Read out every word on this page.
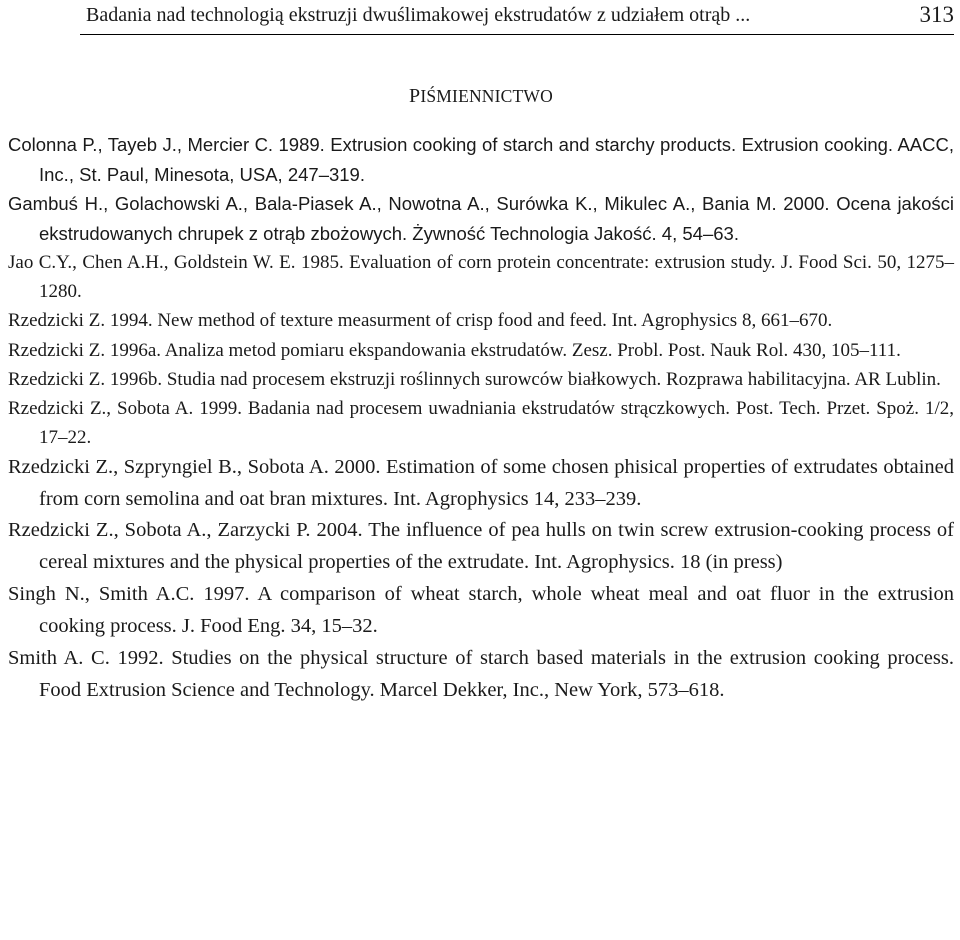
Badania nad technologią ekstruzji dwuślimakowej ekstrudatów z udziałem otrąb ...	313
PIŚMIENNICTWO
Colonna P., Tayeb J., Mercier C. 1989. Extrusion cooking of starch and starchy products. Extrusion cooking. AACC, Inc., St. Paul, Minesota, USA, 247–319.
Gambuś H., Golachowski A., Bala-Piasek A., Nowotna A., Surówka K., Mikulec A., Bania M. 2000. Ocena jakości ekstrudowanych chrupek z otrąb zbożowych. Żywność Technologia Jakość. 4, 54–63.
Jao C.Y., Chen A.H., Goldstein W. E. 1985. Evaluation of corn protein concentrate: extrusion study. J. Food Sci. 50, 1275–1280.
Rzedzicki Z. 1994. New method of texture measurment of crisp food and feed. Int. Agrophysics 8, 661–670.
Rzedzicki Z. 1996a. Analiza metod pomiaru ekspandowania ekstrudatów. Zesz. Probl. Post. Nauk Rol. 430, 105–111.
Rzedzicki Z. 1996b. Studia nad procesem ekstruzji roślinnych surowców białkowych. Rozprawa habilitacyjna. AR Lublin.
Rzedzicki Z., Sobota A. 1999. Badania nad procesem uwadniania ekstrudatów strączkowych. Post. Tech. Przet. Spoż. 1/2, 17–22.
Rzedzicki Z., Szpryngiel B., Sobota A. 2000. Estimation of some chosen phisical properties of extrudates obtained from corn semolina and oat bran mixtures. Int. Agrophysics 14, 233–239.
Rzedzicki Z., Sobota A., Zarzycki P. 2004. The influence of pea hulls on twin screw extrusion-cooking process of cereal mixtures and the physical properties of the extrudate. Int. Agrophysics. 18 (in press)
Singh N., Smith A.C. 1997. A comparison of wheat starch, whole wheat meal and oat fluor in the extrusion cooking process. J. Food Eng. 34, 15–32.
Smith A. C. 1992. Studies on the physical structure of starch based materials in the extrusion cooking process. Food Extrusion Science and Technology. Marcel Dekker, Inc., New York, 573–618.
